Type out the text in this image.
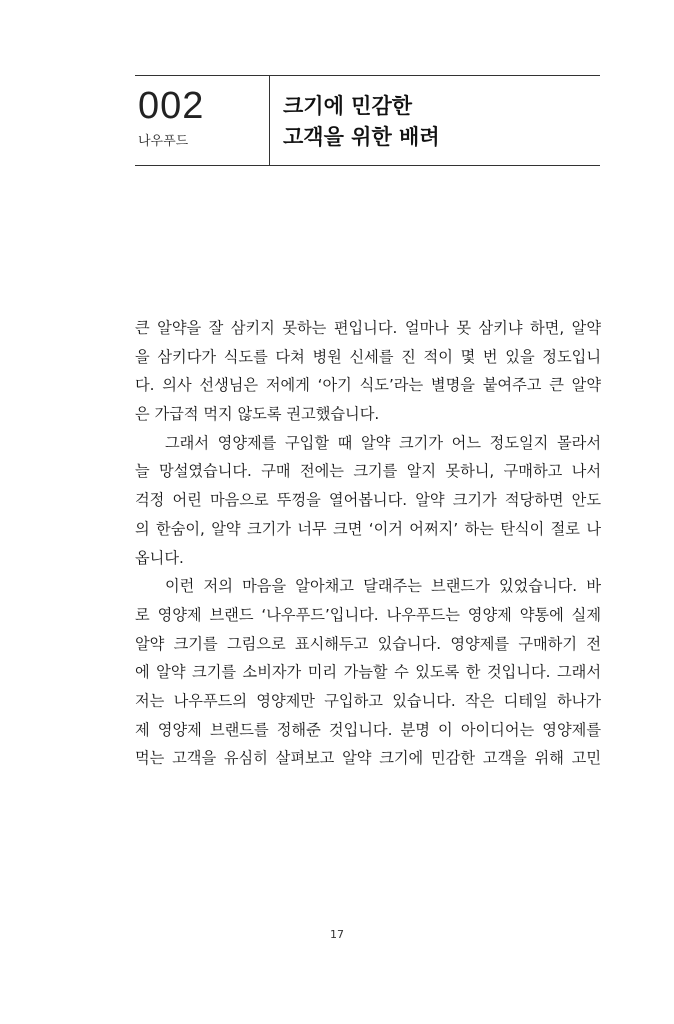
002
나우푸드
크기에 민감한
고객을 위한 배려
큰 알약을 잘 삼키지 못하는 편입니다. 얼마나 못 삼키냐 하면, 알약
을 삼키다가 식도를 다쳐 병원 신세를 진 적이 몇 번 있을 정도입니
다. 의사 선생님은 저에게 ‘아기 식도’라는 별명을 붙여주고 큰 알약
은 가급적 먹지 않도록 권고했습니다.
그래서 영양제를 구입할 때 알약 크기가 어느 정도일지 몰라서
늘 망설였습니다. 구매 전에는 크기를 알지 못하니, 구매하고 나서
걱정 어린 마음으로 뚜껑을 열어봅니다. 알약 크기가 적당하면 안도
의 한숨이, 알약 크기가 너무 크면 ‘이거 어쩌지’ 하는 탄식이 절로 나
옵니다.
이런 저의 마음을 알아채고 달래주는 브랜드가 있었습니다. 바
로 영양제 브랜드 ‘나우푸드’입니다. 나우푸드는 영양제 약통에 실제
알약 크기를 그림으로 표시해두고 있습니다. 영양제를 구매하기 전
에 알약 크기를 소비자가 미리 가늠할 수 있도록 한 것입니다. 그래서
저는 나우푸드의 영양제만 구입하고 있습니다. 작은 디테일 하나가
제 영양제 브랜드를 정해준 것입니다. 분명 이 아이디어는 영양제를
먹는 고객을 유심히 살펴보고 알약 크기에 민감한 고객을 위해 고민
17
